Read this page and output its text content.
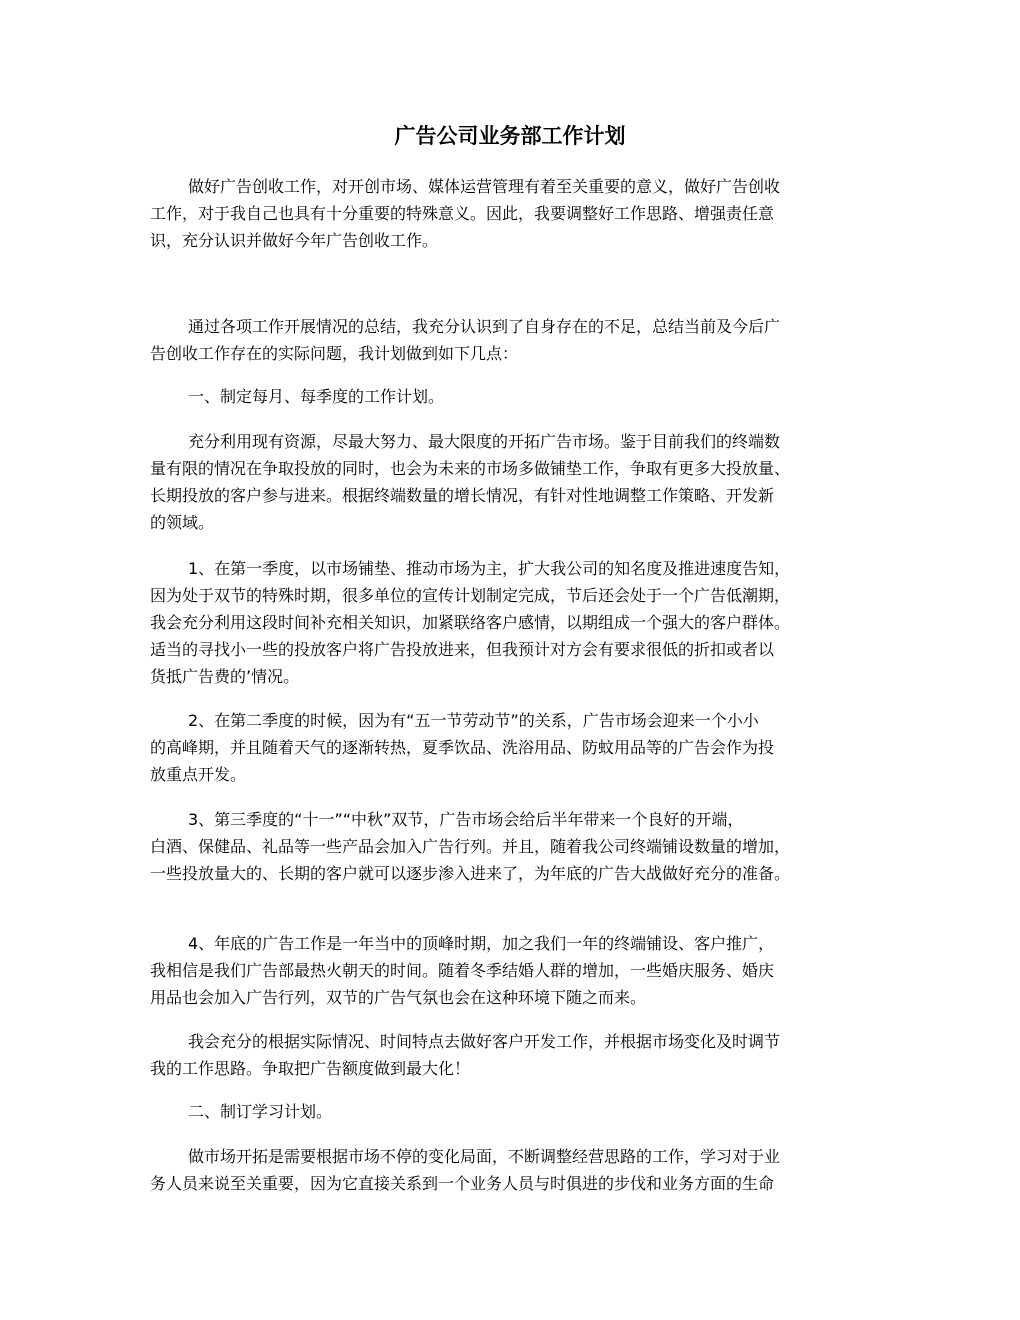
广告公司业务部工作计划

做好广告创收工作，对开创市场、媒体运营管理有着至关重要的意义，做好广告创收
工作，对于我自己也具有十分重要的特殊意义。因此，我要调整好工作思路、增强责任意
识，充分认识并做好今年广告创收工作。

通过各项工作开展情况的总结，我充分认识到了自身存在的不足，总结当前及今后广
告创收工作存在的实际问题，我计划做到如下几点：

一、制定每月、每季度的工作计划。

充分利用现有资源，尽最大努力、最大限度的开拓广告市场。鉴于目前我们的终端数
量有限的情况在争取投放的同时，也会为未来的市场多做铺垫工作，争取有更多大投放量、
长期投放的客户参与进来。根据终端数量的增长情况，有针对性地调整工作策略、开发新
的领域。

1、在第一季度，以市场铺垫、推动市场为主，扩大我公司的知名度及推进速度告知，
因为处于双节的特殊时期，很多单位的宣传计划制定完成，节后还会处于一个广告低潮期，
我会充分利用这段时间补充相关知识，加紧联络客户感情，以期组成一个强大的客户群体。
适当的寻找小一些的投放客户将广告投放进来，但我预计对方会有要求很低的折扣或者以
货抵广告费的’情况。

2、在第二季度的时候，因为有“五一节劳动节”的关系，广告市场会迎来一个小小
的高峰期，并且随着天气的逐渐转热，夏季饮品、洗浴用品、防蚊用品等的广告会作为投
放重点开发。

3、第三季度的“十一”“中秋”双节，广告市场会给后半年带来一个良好的开端，
白酒、保健品、礼品等一些产品会加入广告行列。并且，随着我公司终端铺设数量的增加，
一些投放量大的、长期的客户就可以逐步渗入进来了，为年底的广告大战做好充分的准备。

4、年底的广告工作是一年当中的顶峰时期，加之我们一年的终端铺设、客户推广，
我相信是我们广告部最热火朝天的时间。随着冬季结婚人群的增加，一些婚庆服务、婚庆
用品也会加入广告行列，双节的广告气氛也会在这种环境下随之而来。

我会充分的根据实际情况、时间特点去做好客户开发工作，并根据市场变化及时调节
我的工作思路。争取把广告额度做到最大化！

二、制订学习计划。

做市场开拓是需要根据市场不停的变化局面，不断调整经营思路的工作，学习对于业
务人员来说至关重要，因为它直接关系到一个业务人员与时俱进的步伐和业务方面的生命
